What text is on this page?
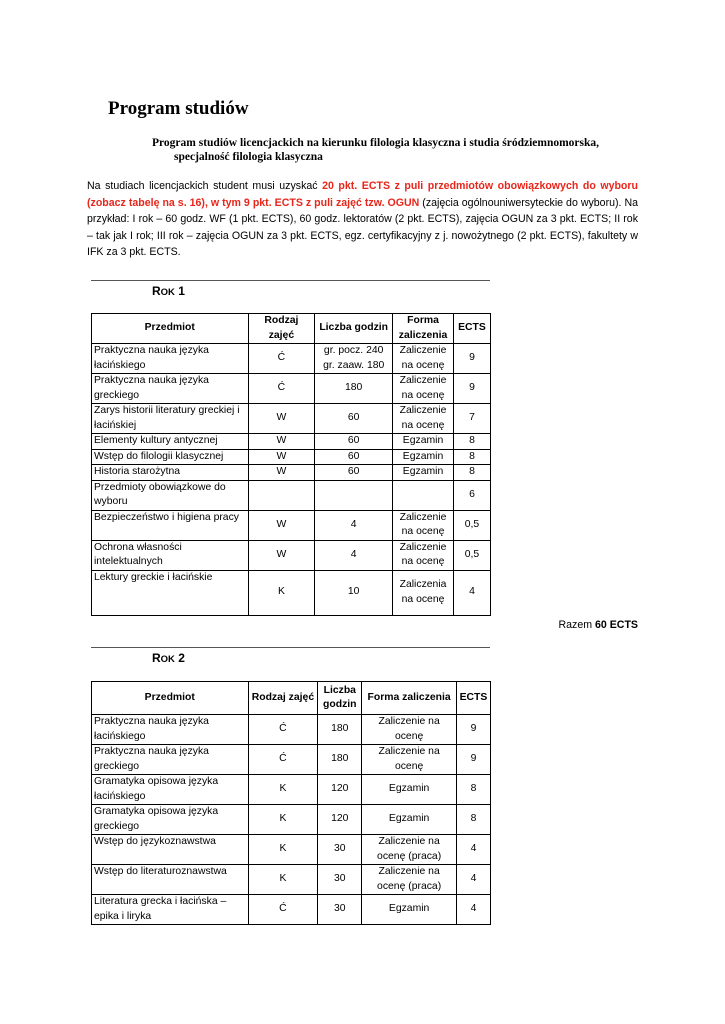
Program studiów
Program studiów licencjackich na kierunku filologia klasyczna i studia śródziemnomorska,
specjalność filologia klasyczna
Na studiach licencjackich student musi uzyskać 20 pkt. ECTS z puli przedmiotów obowiązkowych do wyboru (zobacz tabelę na s. 16), w tym 9 pkt. ECTS z puli zajęć tzw. OGUN (zajęcia ogólnouniwersyteckie do wyboru). Na przykład: I rok – 60 godz. WF (1 pkt. ECTS), 60 godz. lektoratów (2 pkt. ECTS), zajęcia OGUN za 3 pkt. ECTS; II rok – tak jak I rok; III rok – zajęcia OGUN za 3 pkt. ECTS, egz. certyfikacyjny z j. nowożytnego (2 pkt. ECTS), fakultety w IFK za 3 pkt. ECTS.
ROK 1
Przedmiot	Rodzaj zajęć	Liczba godzin	Forma zaliczenia	ECTS
Praktyczna nauka języka łacińskiego	Ć	gr. pocz. 240 gr. zaaw. 180	Zaliczenie na ocenę	9
Praktyczna nauka języka greckiego	Ć	180	Zaliczenie na ocenę	9
Zarys historii literatury greckiej i łacińskiej	W	60	Zaliczenie na ocenę	7
Elementy kultury antycznej	W	60	Egzamin	8
Wstęp do filologii klasycznej	W	60	Egzamin	8
Historia starożytna	W	60	Egzamin	8
Przedmioty obowiązkowe do wyboru				6
Bezpieczeństwo i higiena pracy	W	4	Zaliczenie na ocenę	0,5
Ochrona własności intelektualnych	W	4	Zaliczenie na ocenę	0,5
Lektury greckie i łacińskie	K	10	Zaliczenia na ocenę	4
Razem 60 ECTS
ROK 2
Przedmiot	Rodzaj zajęć	Liczba godzin	Forma zaliczenia	ECTS
Praktyczna nauka języka łacińskiego	Ć	180	Zaliczenie na ocenę	9
Praktyczna nauka języka greckiego	Ć	180	Zaliczenie na ocenę	9
Gramatyka opisowa języka łacińskiego	K	120	Egzamin	8
Gramatyka opisowa języka greckiego	K	120	Egzamin	8
Wstęp do językoznawstwa	K	30	Zaliczenie na ocenę (praca)	4
Wstęp do literaturoznawstwa	K	30	Zaliczenie na ocenę (praca)	4
Literatura grecka i łacińska – epika i liryka	Ć	30	Egzamin	4
